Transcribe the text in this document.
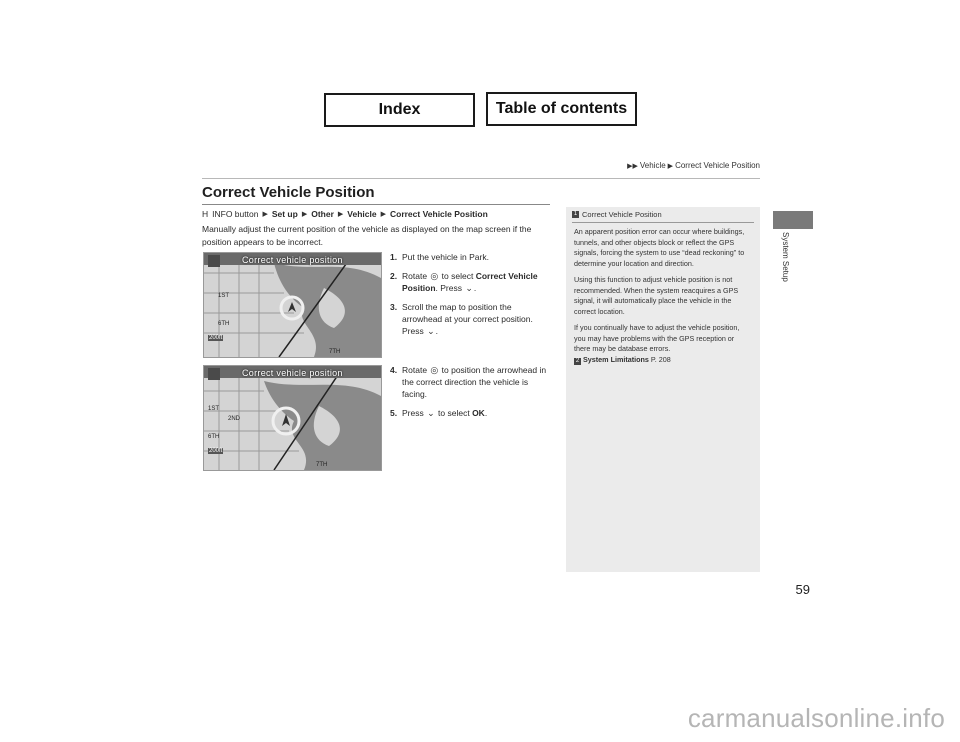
Index	Table of contents
▶▶ Vehicle ▶ Correct Vehicle Position
Correct Vehicle Position
H INFO button ▶ Set up ▶ Other ▶ Vehicle ▶ Correct Vehicle Position
Manually adjust the current position of the vehicle as displayed on the map screen if the position appears to be incorrect.
Correct vehicle position
1ST
6TH
7TH
200ft
Correct vehicle position
1ST
2ND
6TH
7TH
200ft
1. Put the vehicle in Park.
2. Rotate ◎ to select Correct Vehicle Position. Press ⌄.
3. Scroll the map to position the arrowhead at your correct position. Press ⌄.
4. Rotate ◎ to position the arrowhead in the correct direction the vehicle is facing.
5. Press ⌄ to select OK.
1 Correct Vehicle Position

An apparent position error can occur where buildings, tunnels, and other objects block or reflect the GPS signals, forcing the system to use “dead reckoning” to determine your location and direction.

Using this function to adjust vehicle position is not recommended. When the system reacquires a GPS signal, it will automatically place the vehicle in the correct location.

If you continually have to adjust the vehicle position, you may have problems with the GPS reception or there may be database errors.

2 System Limitations P. 208
System Setup
59
carmanualsonline.info
